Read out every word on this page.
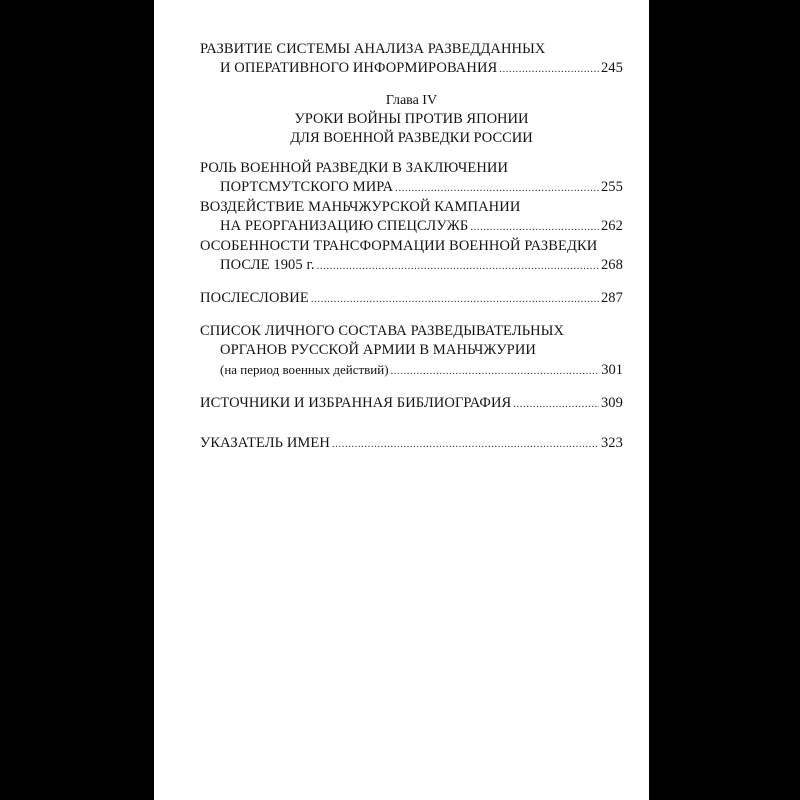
РАЗВИТИЕ СИСТЕМЫ АНАЛИЗА РАЗВЕДДАННЫХ
И ОПЕРАТИВНОГО ИНФОРМИРОВАНИЯ .....	245
Глава IV
УРОКИ ВОЙНЫ ПРОТИВ ЯПОНИИ
ДЛЯ ВОЕННОЙ РАЗВЕДКИ РОССИИ
РОЛЬ ВОЕННОЙ РАЗВЕДКИ В ЗАКЛЮЧЕНИИ
ПОРТСМУТСКОГО МИРА .....	255
ВОЗДЕЙСТВИЕ МАНЬЧЖУРСКОЙ КАМПАНИИ
НА РЕОРГАНИЗАЦИЮ СПЕЦСЛУЖБ .....	262
ОСОБЕННОСТИ ТРАНСФОРМАЦИИ ВОЕННОЙ РАЗВЕДКИ
ПОСЛЕ 1905 г. .....	268
ПОСЛЕСЛОВИЕ .....	287
СПИСОК ЛИЧНОГО СОСТАВА РАЗВЕДЫВАТЕЛЬНЫХ
ОРГАНОВ РУССКОЙ АРМИИ В МАНЬЧЖУРИИ
(на период военных действий) .....	301
ИСТОЧНИКИ И ИЗБРАННАЯ БИБЛИОГРАФИЯ .....	309
УКАЗАТЕЛЬ ИМЕН .....	323
